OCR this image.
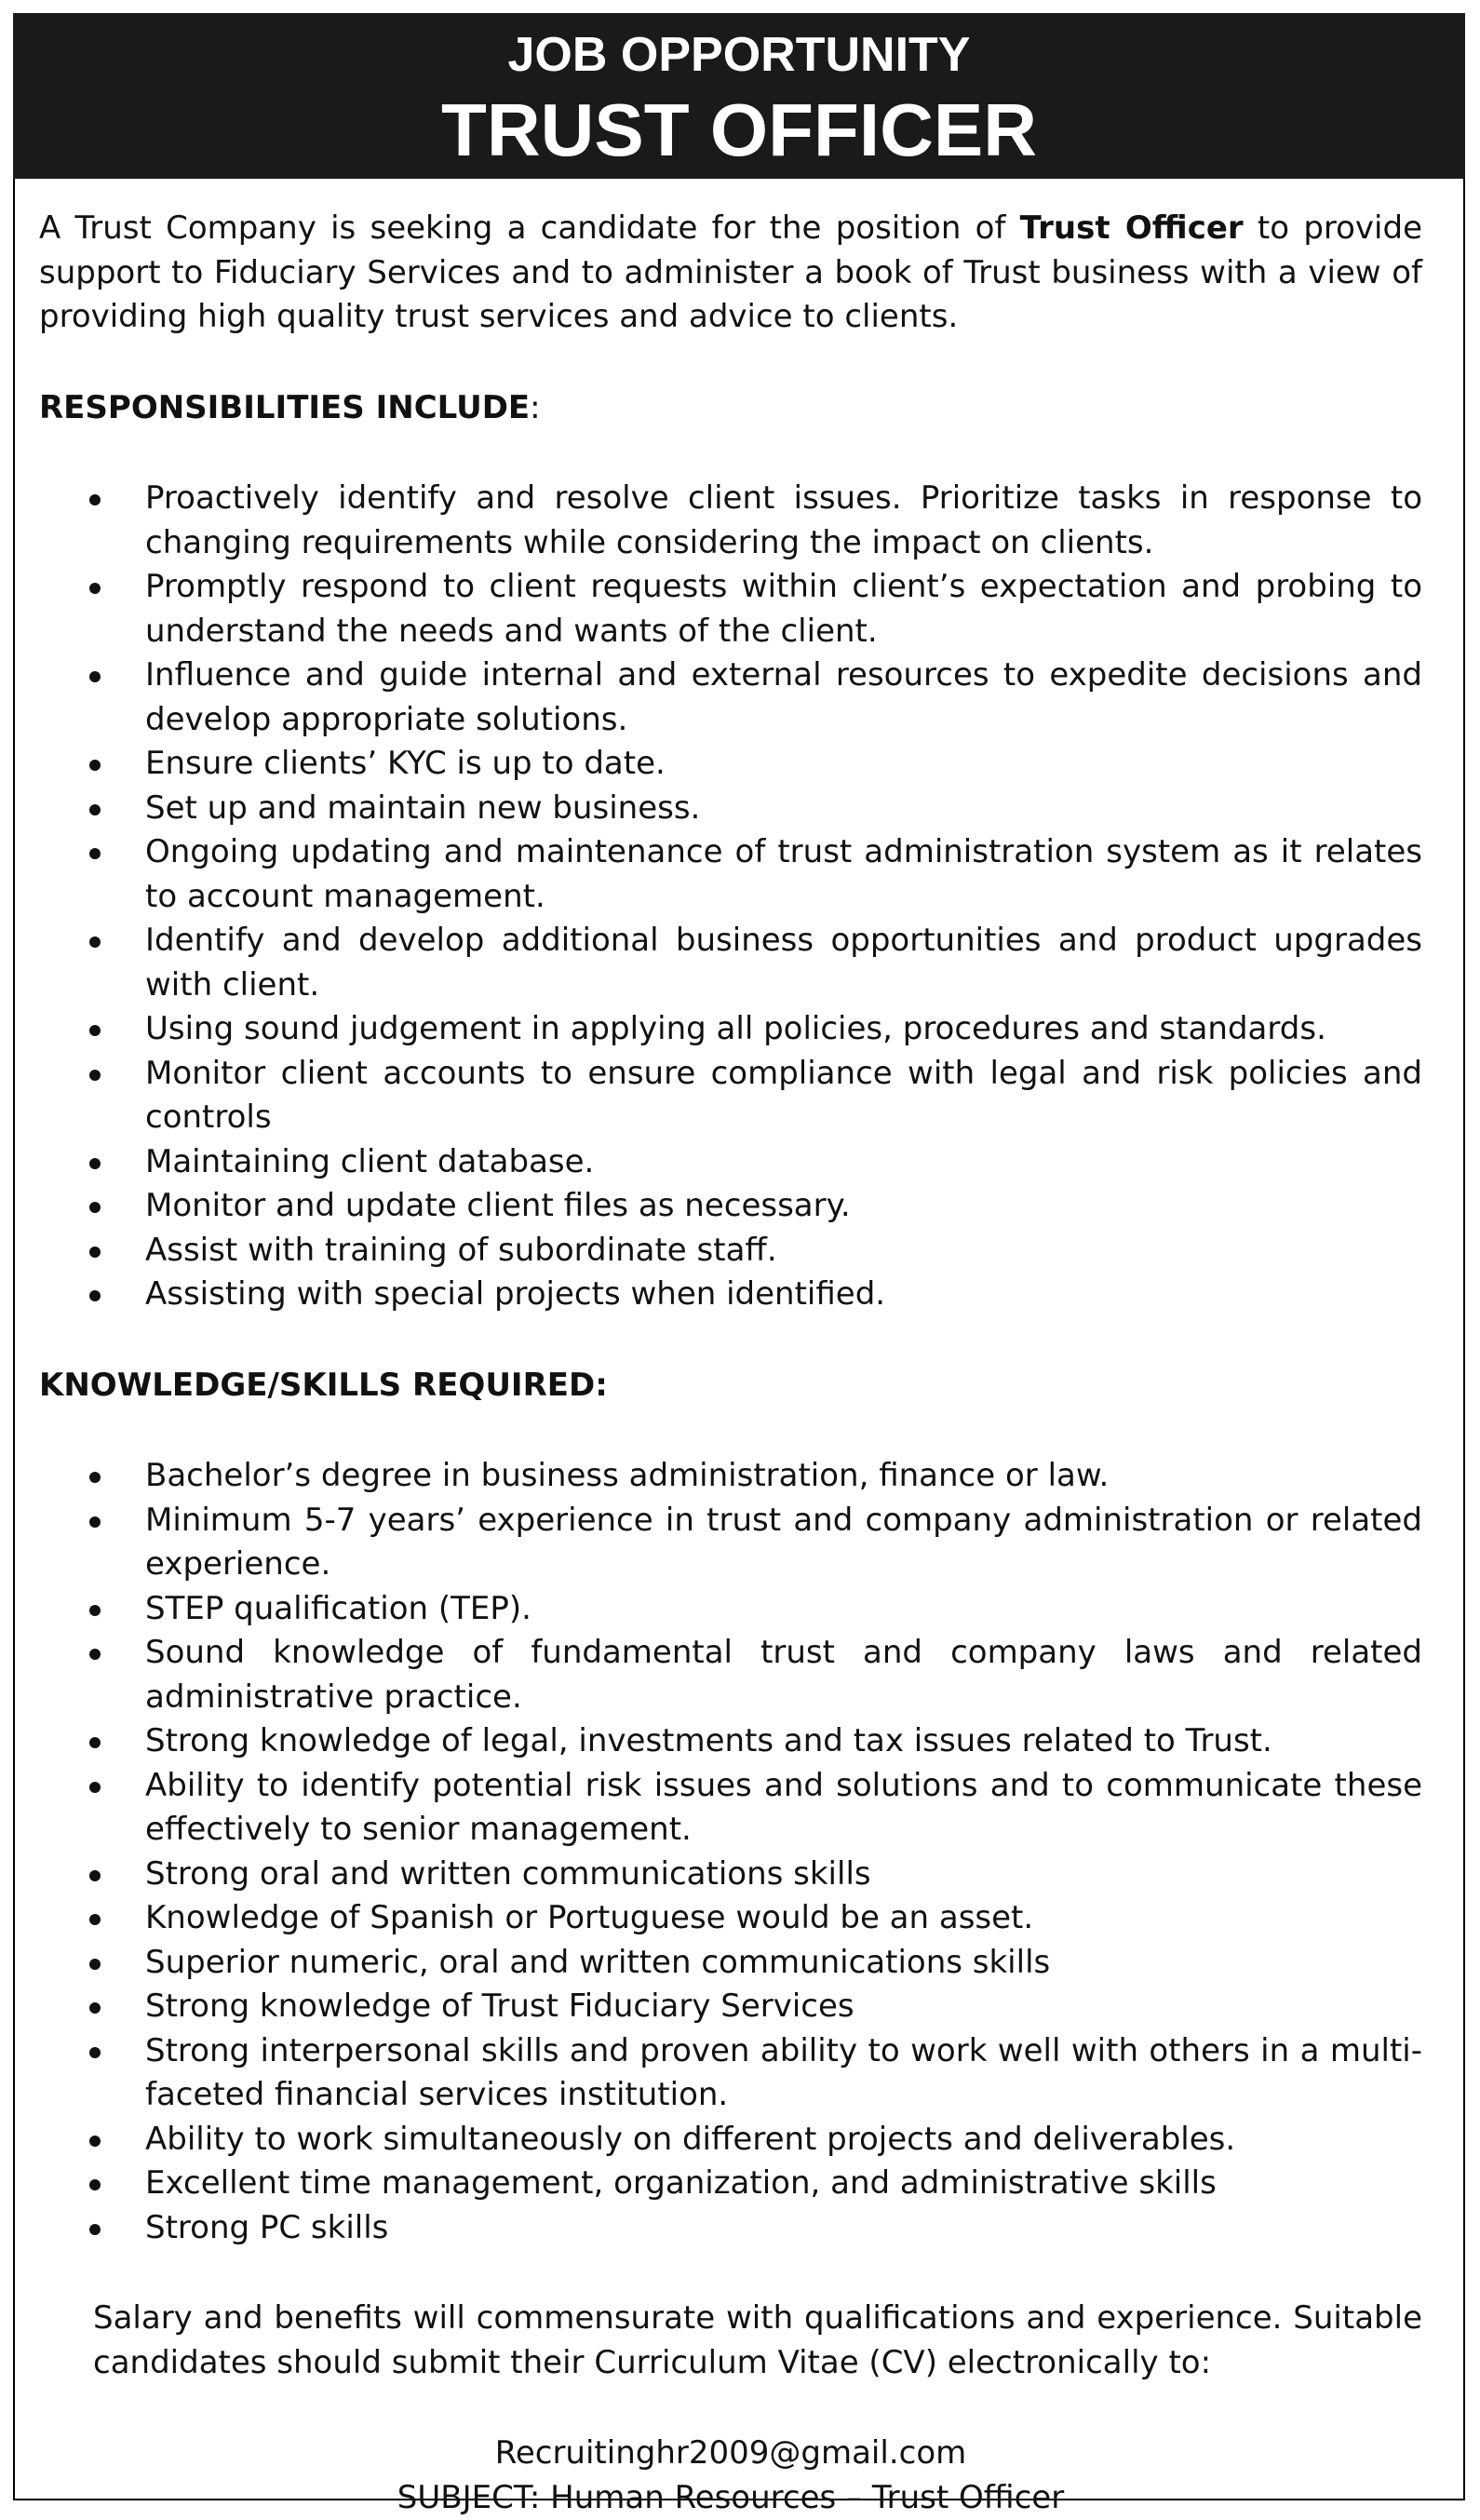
JOB OPPORTUNITY
TRUST OFFICER

A Trust Company is seeking a candidate for the position of Trust Officer to provide support to Fiduciary Services and to administer a book of Trust business with a view of providing high quality trust services and advice to clients.

RESPONSIBILITIES INCLUDE:

Proactively identify and resolve client issues. Prioritize tasks in response to changing requirements while considering the impact on clients.
Promptly respond to client requests within client’s expectation and probing to understand the needs and wants of the client.
Influence and guide internal and external resources to expedite decisions and develop appropriate solutions.
Ensure clients’ KYC is up to date.
Set up and maintain new business.
Ongoing updating and maintenance of trust administration system as it relates to account management.
Identify and develop additional business opportunities and product upgrades with client.
Using sound judgement in applying all policies, procedures and standards.
Monitor client accounts to ensure compliance with legal and risk policies and controls
Maintaining client database.
Monitor and update client files as necessary.
Assist with training of subordinate staff.
Assisting with special projects when identified.

KNOWLEDGE/SKILLS REQUIRED:

Bachelor’s degree in business administration, finance or law.
Minimum 5-7 years’ experience in trust and company administration or related experience.
STEP qualification (TEP).
Sound knowledge of fundamental trust and company laws and related administrative practice.
Strong knowledge of legal, investments and tax issues related to Trust.
Ability to identify potential risk issues and solutions and to communicate these effectively to senior management.
Strong oral and written communications skills
Knowledge of Spanish or Portuguese would be an asset.
Superior numeric, oral and written communications skills
Strong knowledge of Trust Fiduciary Services
Strong interpersonal skills and proven ability to work well with others in a multi-faceted financial services institution.
Ability to work simultaneously on different projects and deliverables.
Excellent time management, organization, and administrative skills
Strong PC skills

Salary and benefits will commensurate with qualifications and experience. Suitable candidates should submit their Curriculum Vitae (CV) electronically to:

Recruitinghr2009@gmail.com
SUBJECT: Human Resources – Trust Officer
